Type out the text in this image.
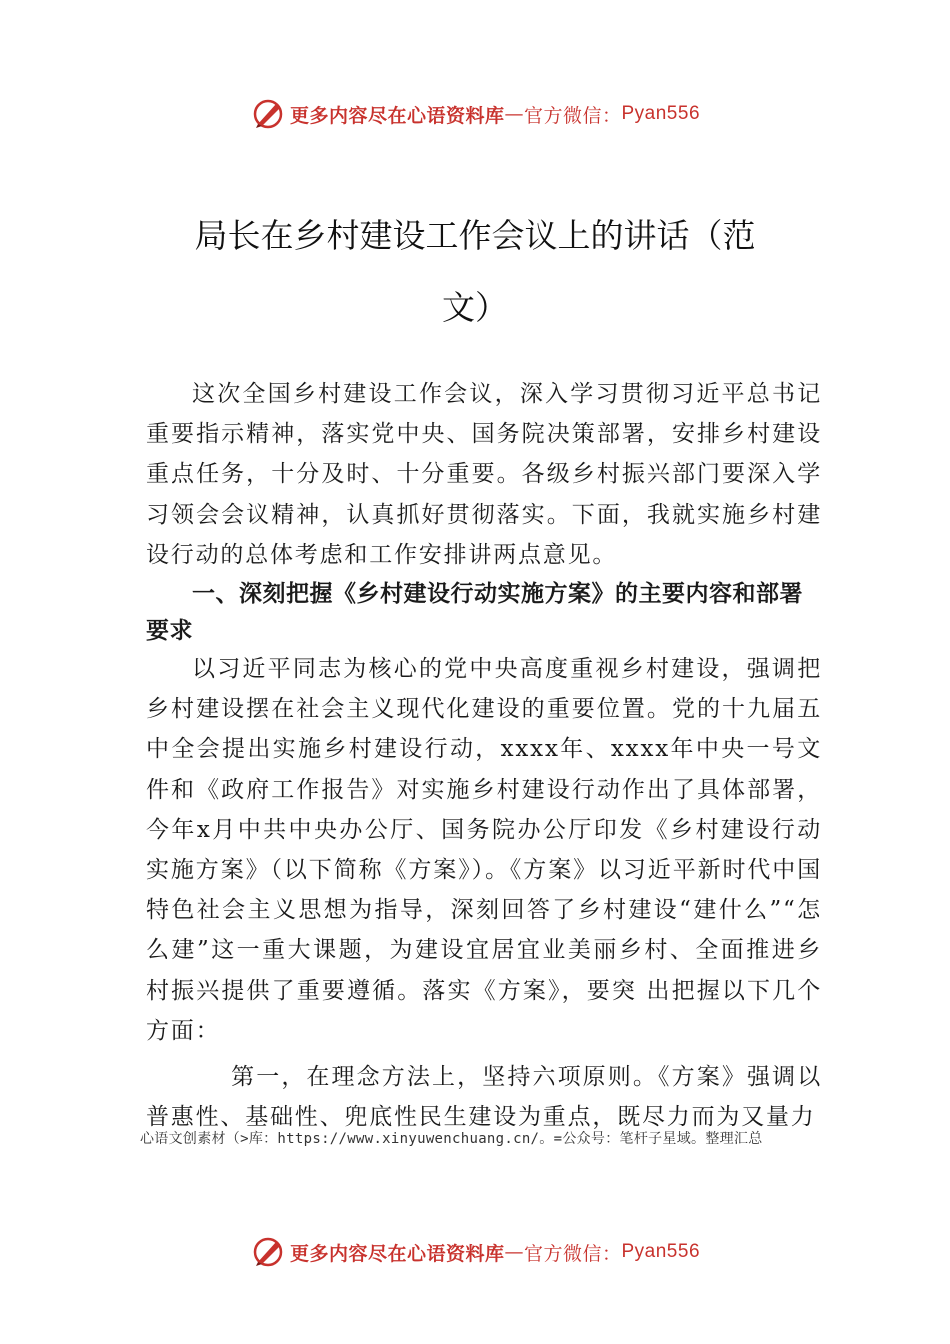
更多内容尽在心语资料库 — 官方微信： Pyan556
局长在乡村建设工作会议上的讲话（范
文）

这次全国乡村建设工作会议，深入学习贯彻习近平总书记重要指示精神，落实党中央、国务院决策部署，安排乡村建设重点任务，十分及时、十分重要。各级乡村振兴部门要深入学习领会会议精神，认真抓好贯彻落实。下面，我就实施乡村建设行动的总体考虑和工作安排讲两点意见。

一、深刻把握《乡村建设行动实施方案》的主要内容和部署要求

以习近平同志为核心的党中央高度重视乡村建设，强调把乡村建设摆在社会主义现代化建设的重要位置。党的十九届五中全会提出实施乡村建设行动，xxxx年、xxxx年中央一号文件和《政府工作报告》对实施乡村建设行动作出了具体部署，今年x月中共中央办公厅、国务院办公厅印发《乡村建设行动实施方案》（以下简称《方案》）。《方案》以习近平新时代中国特色社会主义思想为指导，深刻回答了乡村建设“建什么”“怎么建”这一重大课题，为建设宜居宜业美丽乡村、全面推进乡村振兴提供了重要遵循。落实《方案》，要突 出把握以下几个方面：

第一，在理念方法上，坚持六项原则。《方案》强调以普惠性、基础性、兜底性民生建设为重点，既尽力而为又量力

心语文创素材（>库：https://www.xinyuwenchuang.cn/。=公众号：笔杆子星域。整理汇总
更多内容尽在心语资料库 — 官方微信： Pyan556
